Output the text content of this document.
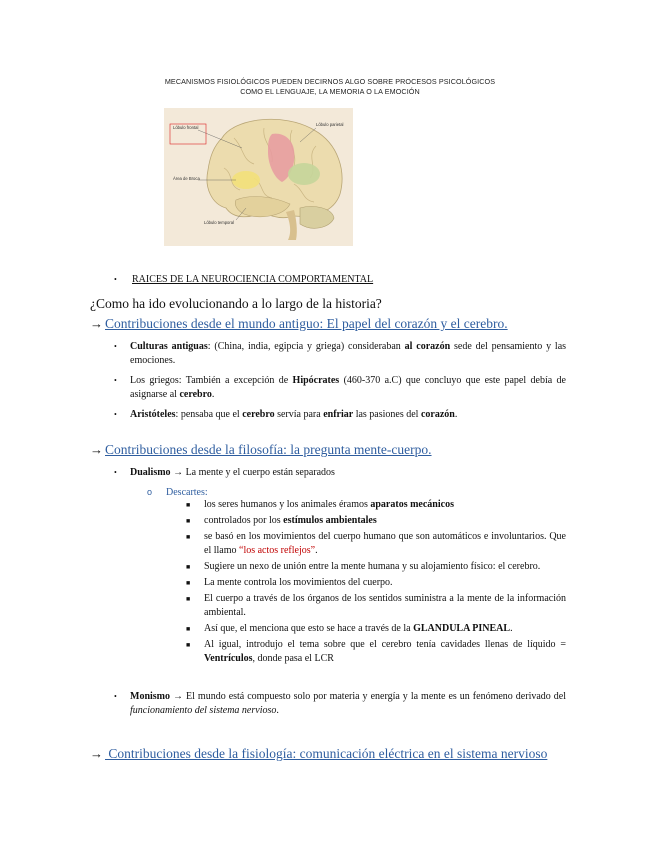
MECANISMOS FISIOLÓGICOS PUEDEN DECIRNOS ALGO SOBRE PROCESOS PSICOLÓGICOS
COMO EL LENGUAJE, LA MEMORIA O LA EMOCIÓN
Lóbulo frontal
Área de Broca
Lóbulo parietal
Lóbulo temporal
• RAICES DE LA NEUROCIENCIA COMPORTAMENTAL
¿Como ha ido evolucionando a lo largo de la historia?
→ Contribuciones desde el mundo antiguo: El papel del corazón y el cerebro.
• Culturas antiguas: (China, india, egipcia y griega) consideraban al corazón sede del pensamiento y las emociones.
• Los griegos: También a excepción de Hipócrates (460-370 a.C) que concluyo que este papel debía de asignarse al cerebro.
• Aristóteles: pensaba que el cerebro servía para enfriar las pasiones del corazón.
→ Contribuciones desde la filosofía: la pregunta mente-cuerpo.
• Dualismo → La mente y el cuerpo están separados
o Descartes:
■ los seres humanos y los animales éramos aparatos mecánicos
■ controlados por los estímulos ambientales
■ se basó en los movimientos del cuerpo humano que son automáticos e involuntarios. Que el llamo “los actos reflejos”.
■ Sugiere un nexo de unión entre la mente humana y su alojamiento físico: el cerebro.
■ La mente controla los movimientos del cuerpo.
■ El cuerpo a través de los órganos de los sentidos suministra a la mente de la información ambiental.
■ Así que, el menciona que esto se hace a través de la GLANDULA PINEAL.
■ Al igual, introdujo el tema sobre que el cerebro tenía cavidades llenas de líquido = Ventrículos, donde pasa el LCR
• Monismo → El mundo está compuesto solo por materia y energía y la mente es un fenómeno derivado del funcionamiento del sistema nervioso.
→ Contribuciones desde la fisiología: comunicación eléctrica en el sistema nervioso
